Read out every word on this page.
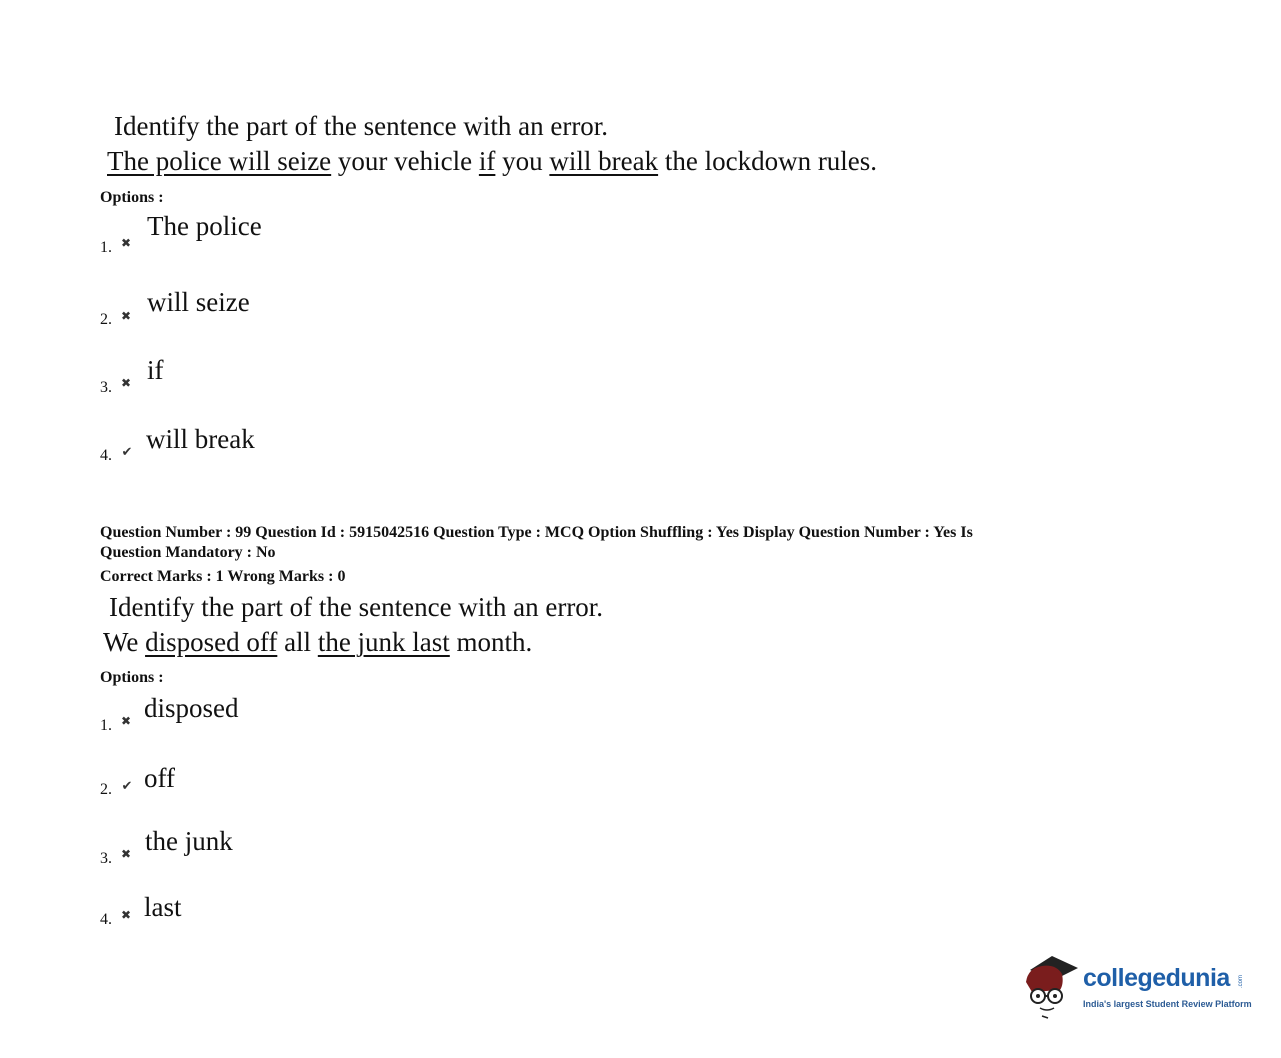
Identify the part of the sentence with an error.
The police will seize your vehicle if you will break the lockdown rules.
Options :
1. ✖
The police
2. ✖ will seize
3. ✖ if
4. ✔ will break
Question Number : 99 Question Id : 5915042516 Question Type : MCQ Option Shuffling : Yes Display Question Number : Yes Is
Question Mandatory : No
Correct Marks : 1 Wrong Marks : 0
Identify the part of the sentence with an error.
We disposed off all the junk last month.
Options :
1. ✖ disposed
2. ✔ off
3. ✖ the junk
4. ✖ last
collegedunia .com
India's largest Student Review Platform
